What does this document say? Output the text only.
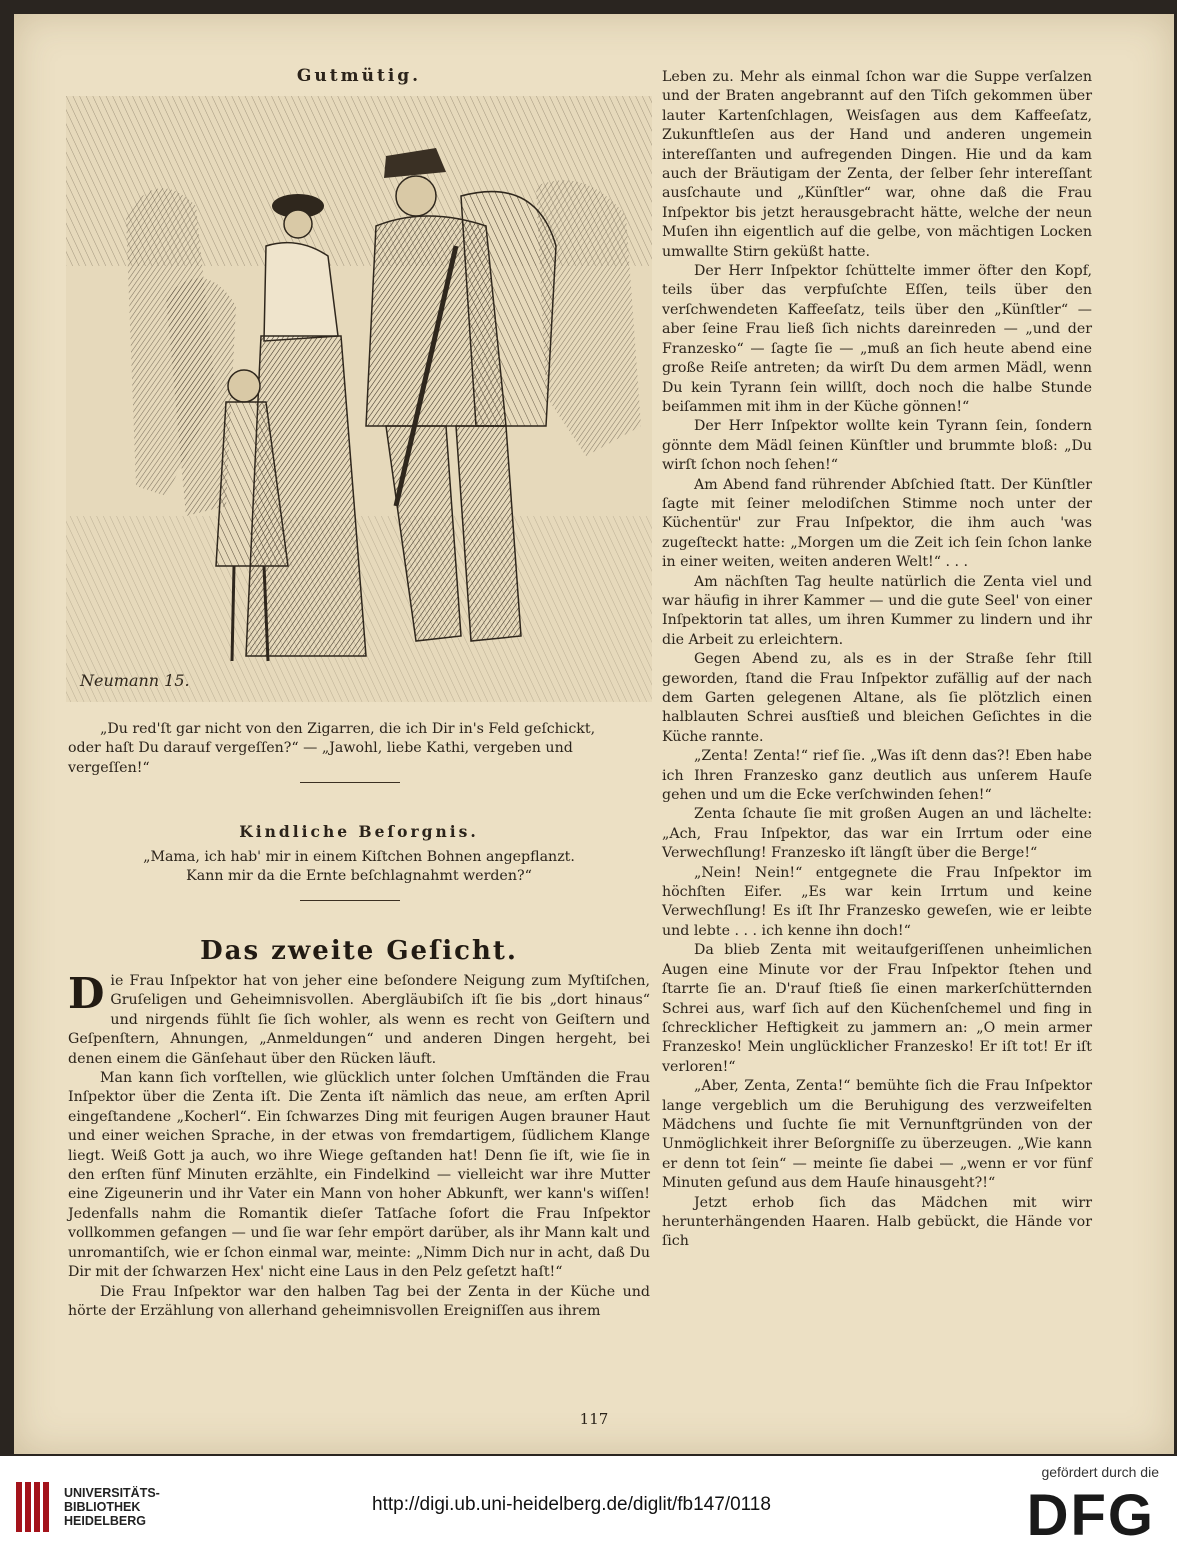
Gutmütig.
Neumann 15.

„Du red'ſt gar nicht von den Zigarren, die ich Dir in's Feld geſchickt,

oder haſt Du darauf vergeſſen?“ — „Jawohl, liebe Kathi, vergeben und

vergeſſen!“

Kindliche Beſorgnis.
„Mama, ich hab' mir in einem Kiſtchen Bohnen angepflanzt.
Kann mir da die Ernte beſchlagnahmt werden?“
Das zweite Geſicht.

Die Frau Inſpektor hat von jeher eine beſondere Neigung zum Myſtiſchen, Gruſeligen und Geheimnisvollen. Abergläubiſch iſt ſie bis „dort hinaus“ und nirgends fühlt ſie ſich wohler, als wenn es recht von Geiſtern und Geſpenſtern, Ahnungen, „Anmeldungen“ und anderen Dingen hergeht, bei denen einem die Gänſehaut über den Rücken läuft.

Man kann ſich vorſtellen, wie glücklich unter ſolchen Umſtänden die Frau Inſpektor über die Zenta iſt. Die Zenta iſt nämlich das neue, am erſten April eingeſtandene „Kocherl“. Ein ſchwarzes Ding mit feurigen Augen brauner Haut und einer weichen Sprache, in der etwas von fremdartigem, ſüdlichem Klange liegt. Weiß Gott ja auch, wo ihre Wiege geſtanden hat! Denn ſie iſt, wie ſie in den erſten fünf Minuten erzählte, ein Findelkind — vielleicht war ihre Mutter eine Zigeunerin und ihr Vater ein Mann von hoher Abkunft, wer kann's wiſſen! Jedenfalls nahm die Romantik dieſer Tatſache ſofort die Frau Inſpektor vollkommen gefangen — und ſie war ſehr empört darüber, als ihr Mann kalt und unromantiſch, wie er ſchon einmal war, meinte: „Nimm Dich nur in acht, daß Du Dir mit der ſchwarzen Hex' nicht eine Laus in den Pelz geſetzt haſt!“

Die Frau Inſpektor war den halben Tag bei der Zenta in der Küche und hörte der Erzählung von allerhand geheimnisvollen Ereigniſſen aus ihrem

Leben zu. Mehr als einmal ſchon war die Suppe verſalzen und der Braten angebrannt auf den Tiſch gekommen über lauter Kartenſchlagen, Weisſagen aus dem Kaffeeſatz, Zukunftleſen aus der Hand und anderen ungemein intereſſanten und aufregenden Dingen. Hie und da kam auch der Bräutigam der Zenta, der ſelber ſehr intereſſant ausſchaute und „Künſtler“ war, ohne daß die Frau Inſpektor bis jetzt herausgebracht hätte, welche der neun Muſen ihn eigentlich auf die gelbe, von mächtigen Locken umwallte Stirn geküßt hatte.

Der Herr Inſpektor ſchüttelte immer öfter den Kopf, teils über das verpfuſchte Eſſen, teils über den verſchwendeten Kaffeeſatz, teils über den „Künſtler“ — aber ſeine Frau ließ ſich nichts dareinreden — „und der Franzesko“ — ſagte ſie — „muß an ſich heute abend eine große Reiſe antreten; da wirſt Du dem armen Mädl, wenn Du kein Tyrann ſein willſt, doch noch die halbe Stunde beiſammen mit ihm in der Küche gönnen!“

Der Herr Inſpektor wollte kein Tyrann ſein, ſondern gönnte dem Mädl ſeinen Künſtler und brummte bloß: „Du wirſt ſchon noch ſehen!“

Am Abend fand rührender Abſchied ſtatt. Der Künſtler ſagte mit ſeiner melodiſchen Stimme noch unter der Küchentür' zur Frau Inſpektor, die ihm auch 'was zugeſteckt hatte: „Morgen um die Zeit ich ſein ſchon lanke in einer weiten, weiten anderen Welt!“ . . .

Am nächſten Tag heulte natürlich die Zenta viel und war häufig in ihrer Kammer — und die gute Seel' von einer Inſpektorin tat alles, um ihren Kummer zu lindern und ihr die Arbeit zu erleichtern.

Gegen Abend zu, als es in der Straße ſehr ſtill geworden, ſtand die Frau Inſpektor zufällig auf der nach dem Garten gelegenen Altane, als ſie plötzlich einen halblauten Schrei ausſtieß und bleichen Geſichtes in die Küche rannte.

„Zenta! Zenta!“ rief ſie. „Was iſt denn das?! Eben habe ich Ihren Franzesko ganz deutlich aus unſerem Hauſe gehen und um die Ecke verſchwinden ſehen!“

Zenta ſchaute ſie mit großen Augen an und lächelte: „Ach, Frau Inſpektor, das war ein Irrtum oder eine Verwechſlung! Franzesko iſt längſt über die Berge!“

„Nein! Nein!“ entgegnete die Frau Inſpektor im höchſten Eifer. „Es war kein Irrtum und keine Verwechſlung! Es iſt Ihr Franzesko geweſen, wie er leibte und lebte . . . ich kenne ihn doch!“

Da blieb Zenta mit weitaufgeriſſenen unheimlichen Augen eine Minute vor der Frau Inſpektor ſtehen und ſtarrte ſie an. D'rauf ſtieß ſie einen markerſchütternden Schrei aus, warf ſich auf den Küchenſchemel und fing in ſchrecklicher Heftigkeit zu jammern an: „O mein armer Franzesko! Mein unglücklicher Franzesko! Er iſt tot! Er iſt verloren!“

„Aber, Zenta, Zenta!“ bemühte ſich die Frau Inſpektor lange vergeblich um die Beruhigung des verzweifelten Mädchens und ſuchte ſie mit Vernunftgründen von der Unmöglichkeit ihrer Beſorgniſſe zu überzeugen. „Wie kann er denn tot ſein“ — meinte ſie dabei — „wenn er vor fünf Minuten geſund aus dem Hauſe hinausgeht?!“

Jetzt erhob ſich das Mädchen mit wirr herunterhängenden Haaren. Halb gebückt, die Hände vor ſich

117
UNIVERSITÄTS-
BIBLIOTHEK
HEIDELBERG
http://digi.ub.uni-heidelberg.de/diglit/fb147/0118
gefördert durch die
DFG
